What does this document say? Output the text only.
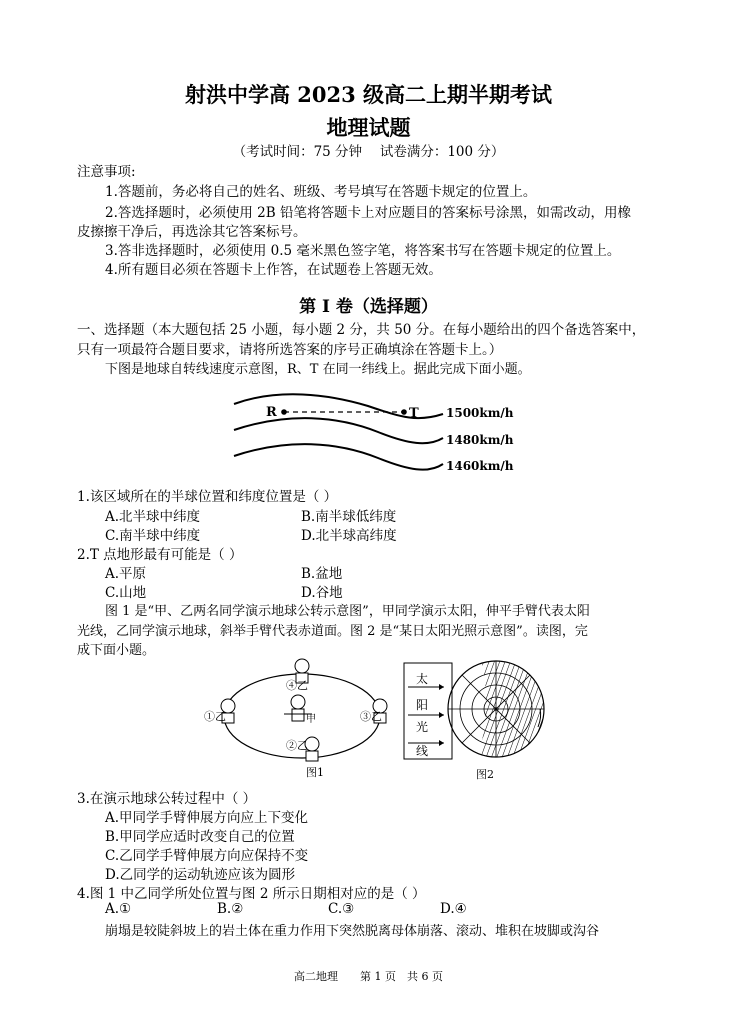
射洪中学高 2023 级高二上期半期考试
地理试题
（考试时间：75 分钟　 试卷满分：100 分）
注意事项:
1.答题前，务必将自己的姓名、班级、考号填写在答题卡规定的位置上。
2.答选择题时，必须使用 2B 铅笔将答题卡上对应题目的答案标号涂黑，如需改动，用橡
皮擦擦干净后，再选涂其它答案标号。
3.答非选择题时，必须使用 0.5 毫米黑色签字笔，将答案书写在答题卡规定的位置上。
4.所有题目必须在答题卡上作答，在试题卷上答题无效。
第 I 卷（选择题）
一、选择题（本大题包括 25 小题，每小题 2 分，共 50 分。在每小题给出的四个备选答案中，
只有一项最符合题目要求，请将所选答案的序号正确填涂在答题卡上。）
下图是地球自转线速度示意图，R、T 在同一纬线上。据此完成下面小题。
R	T 1500km/h
1480km/h
1460km/h
1.该区域所在的半球位置和纬度位置是（ ）
A.北半球中纬度	B.南半球低纬度
C.南半球中纬度	D.北半球高纬度
2.T 点地形最有可能是（ ）
A.平原	B.盆地
C.山地	D.谷地
图 1 是“甲、乙两名同学演示地球公转示意图”，甲同学演示太阳，伸平手臂代表太阳
光线，乙同学演示地球，斜举手臂代表赤道面。图 2 是“某日太阳光照示意图”。读图，完
成下面小题。
④乙
①乙	③乙
②乙
甲
图1
太
阳
光
线
图2
3.在演示地球公转过程中（ ）
A.甲同学手臂伸展方向应上下变化
B.甲同学应适时改变自己的位置
C.乙同学手臂伸展方向应保持不变
D.乙同学的运动轨迹应该为圆形
4.图 1 中乙同学所处位置与图 2 所示日期相对应的是（ ）
A.①	B.②	C.③	D.④
崩塌是较陡斜坡上的岩土体在重力作用下突然脱离母体崩落、滚动、堆积在坡脚或沟谷
高二地理　　第 1 页　共 6 页
